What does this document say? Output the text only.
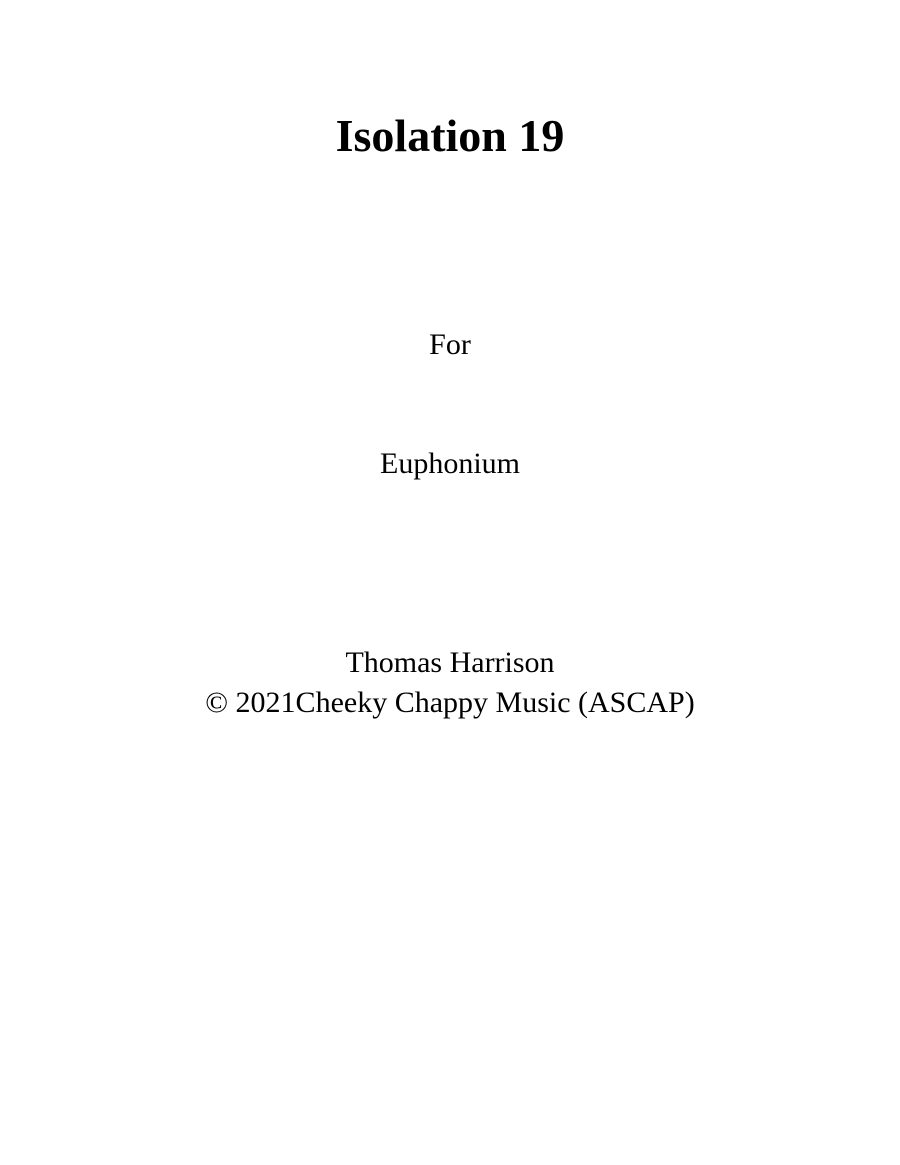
Isolation 19

For

Euphonium

Thomas Harrison

© 2021Cheeky Chappy Music (ASCAP)
